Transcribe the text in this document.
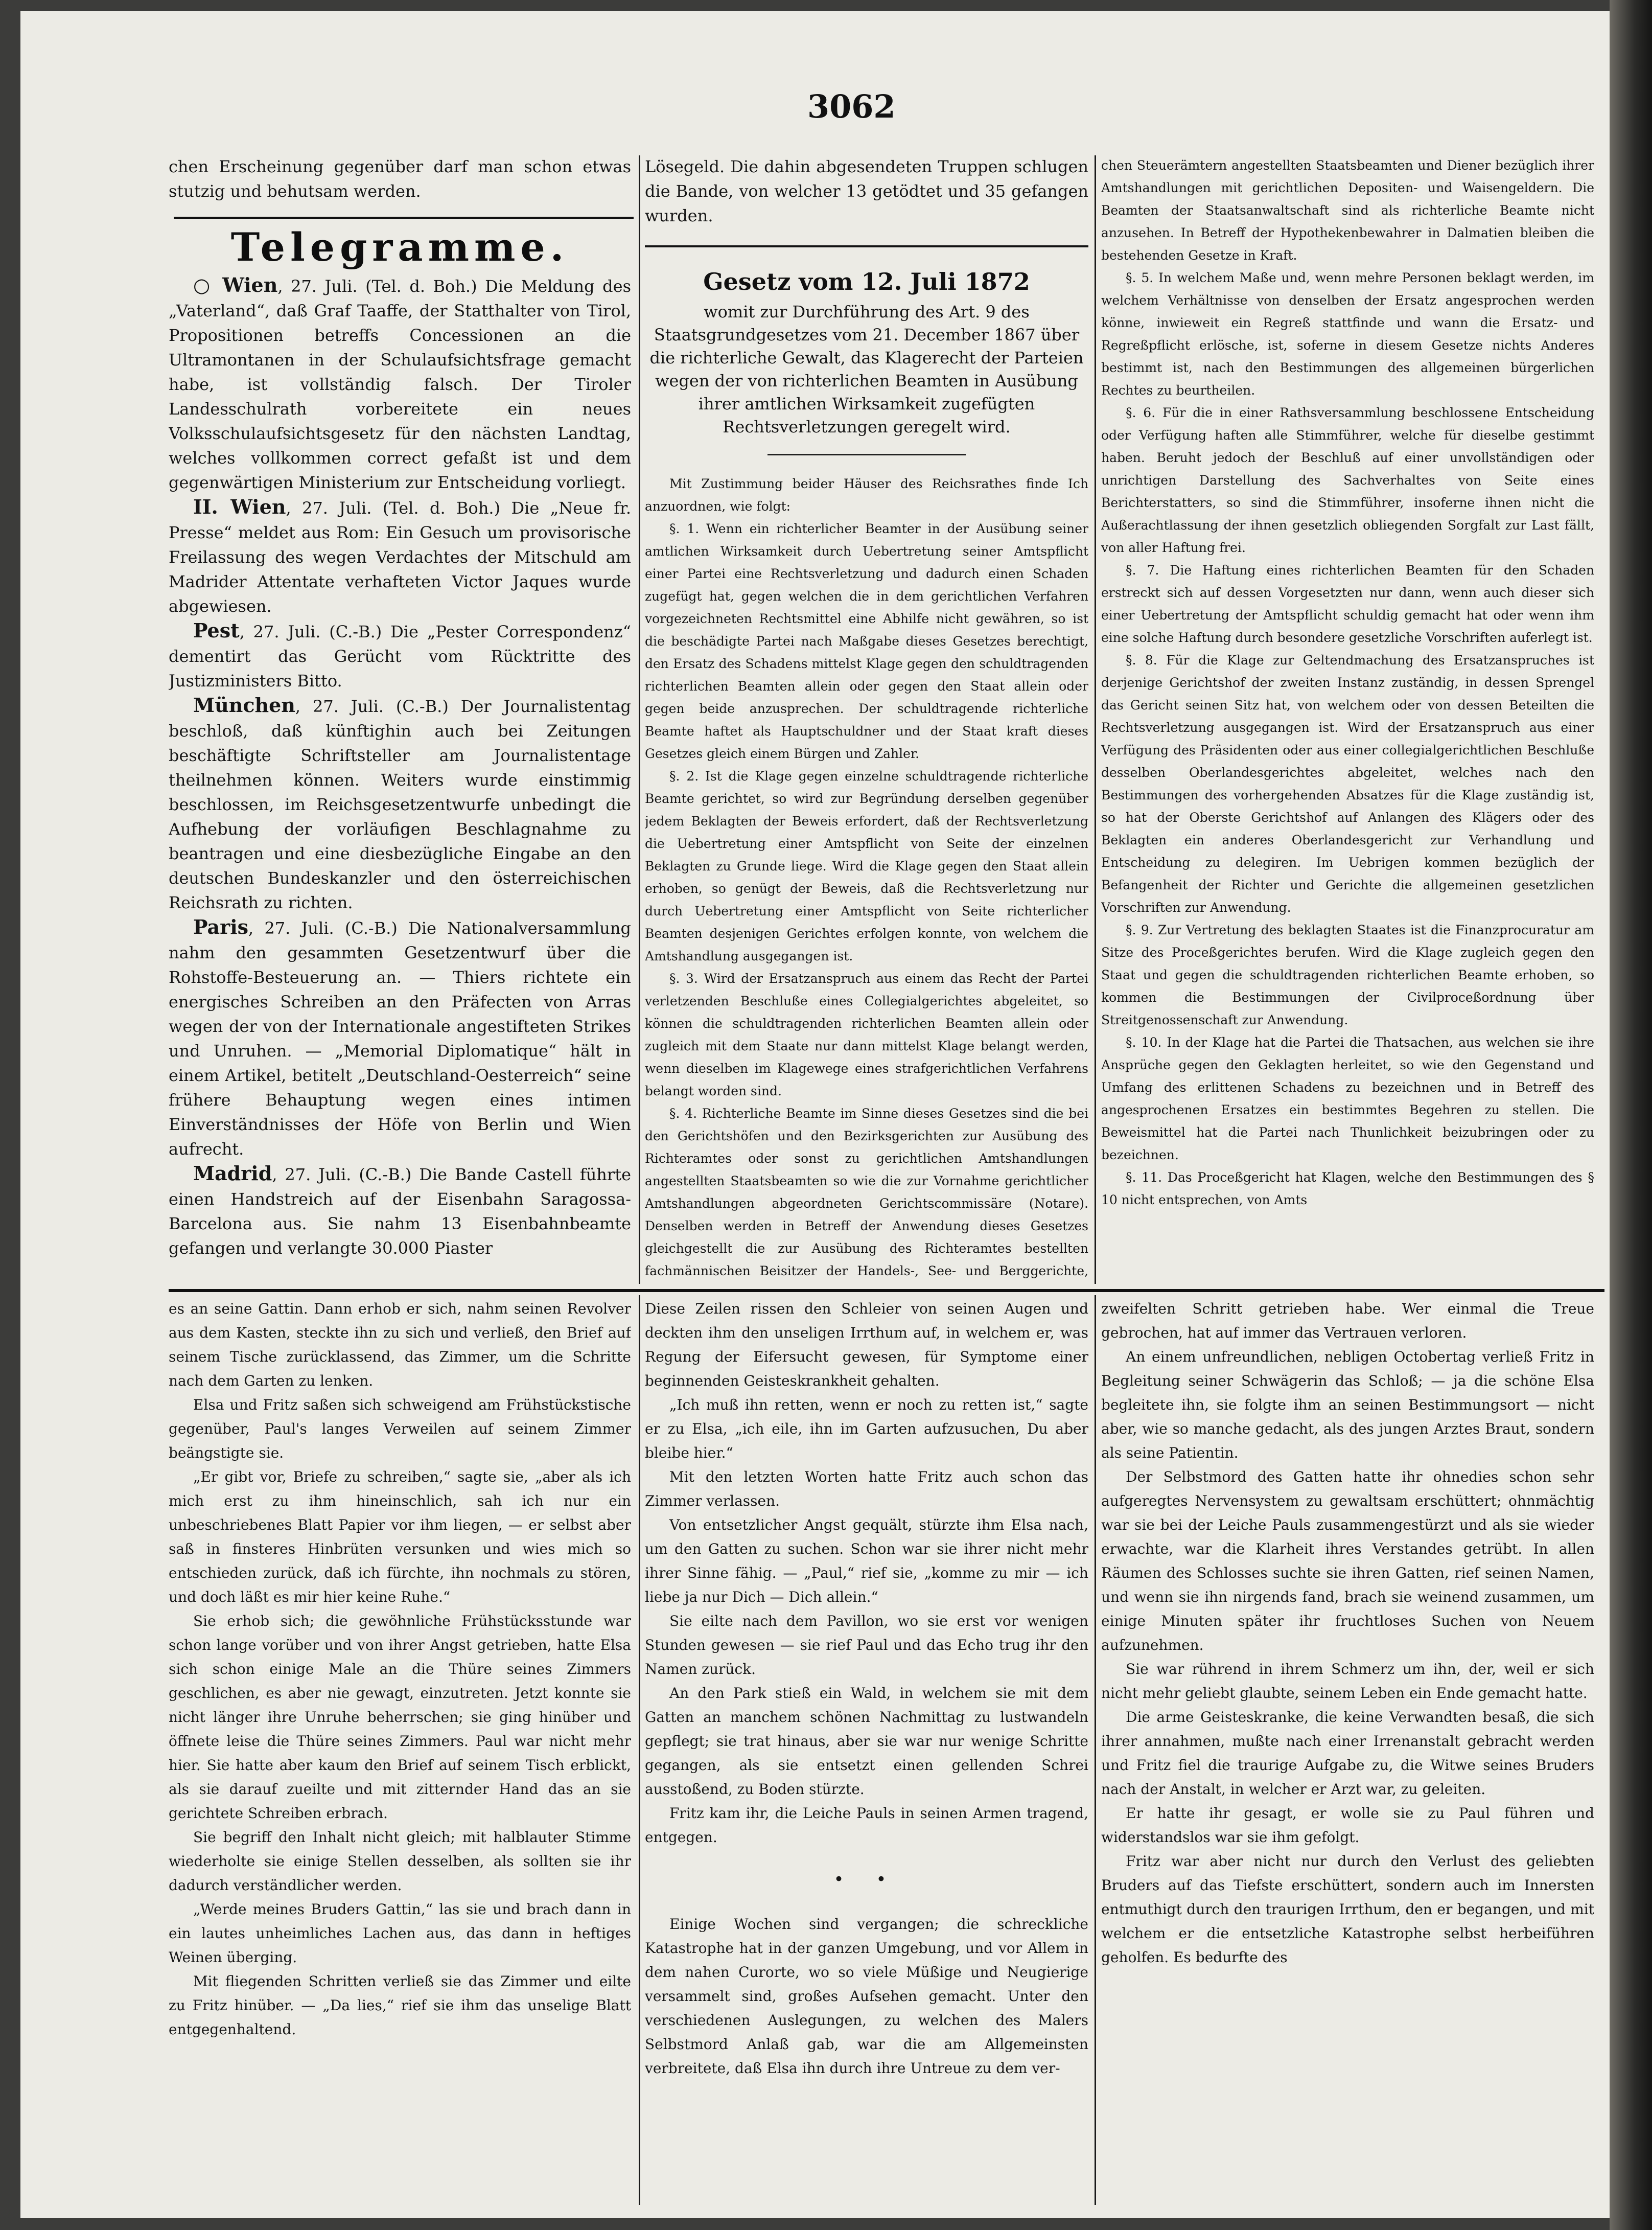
3062

chen Erscheinung gegenüber darf man schon etwas stutzig und behutsam werden.

Telegramme.

○ Wien, 27. Juli. (Tel. d. Boh.) Die Meldung des „Vaterland“, daß Graf Taaffe, der Statthalter von Tirol, Propositionen betreffs Concessionen an die Ultramontanen in der Schulaufsichtsfrage gemacht habe, ist vollständig falsch. Der Tiroler Landesschulrath vorbereitete ein neues Volksschulaufsichtsgesetz für den nächsten Landtag, welches vollkommen correct gefaßt ist und dem gegenwärtigen Ministerium zur Entscheidung vorliegt.

II. Wien, 27. Juli. (Tel. d. Boh.) Die „Neue fr. Presse“ meldet aus Rom: Ein Gesuch um provisorische Freilassung des wegen Verdachtes der Mitschuld am Madrider Attentate verhafteten Victor Jaques wurde abgewiesen.

Pest, 27. Juli. (C.-B.) Die „Pester Correspondenz“ dementirt das Gerücht vom Rücktritte des Justizministers Bitto.

München, 27. Juli. (C.-B.) Der Journalistentag beschloß, daß künftighin auch bei Zeitungen beschäftigte Schriftsteller am Journalistentage theilnehmen können. Weiters wurde einstimmig beschlossen, im Reichsgesetzentwurfe unbedingt die Aufhebung der vorläufigen Beschlagnahme zu beantragen und eine diesbezügliche Eingabe an den deutschen Bundeskanzler und den österreichischen Reichsrath zu richten.

Paris, 27. Juli. (C.-B.) Die Nationalversammlung nahm den gesammten Gesetzentwurf über die Rohstoffe-Besteuerung an. — Thiers richtete ein energisches Schreiben an den Präfecten von Arras wegen der von der Internationale angestifteten Strikes und Unruhen. — „Memorial Diplomatique“ hält in einem Artikel, betitelt „Deutschland-Oesterreich“ seine frühere Behauptung wegen eines intimen Einverständnisses der Höfe von Berlin und Wien aufrecht.

Madrid, 27. Juli. (C.-B.) Die Bande Castell führte einen Handstreich auf der Eisenbahn Saragossa-Barcelona aus. Sie nahm 13 Eisenbahnbeamte gefangen und verlangte 30.000 Piaster

Lösegeld. Die dahin abgesendeten Truppen schlugen die Bande, von welcher 13 getödtet und 35 gefangen wurden.

Gesetz vom 12. Juli 1872

womit zur Durchführung des Art. 9 des Staatsgrundgesetzes vom 21. December 1867 über die richterliche Gewalt, das Klagerecht der Parteien wegen der von richterlichen Beamten in Ausübung ihrer amtlichen Wirksamkeit zugefügten Rechtsverletzungen geregelt wird.

Mit Zustimmung beider Häuser des Reichsrathes finde Ich anzuordnen, wie folgt:

§. 1. Wenn ein richterlicher Beamter in der Ausübung seiner amtlichen Wirksamkeit durch Uebertretung seiner Amtspflicht einer Partei eine Rechtsverletzung und dadurch einen Schaden zugefügt hat, gegen welchen die in dem gerichtlichen Verfahren vorgezeichneten Rechtsmittel eine Abhilfe nicht gewähren, so ist die beschädigte Partei nach Maßgabe dieses Gesetzes berechtigt, den Ersatz des Schadens mittelst Klage gegen den schuldtragenden richterlichen Beamten allein oder gegen den Staat allein oder gegen beide anzusprechen. Der schuldtragende richterliche Beamte haftet als Hauptschuldner und der Staat kraft dieses Gesetzes gleich einem Bürgen und Zahler.

§. 2. Ist die Klage gegen einzelne schuldtragende richterliche Beamte gerichtet, so wird zur Begründung derselben gegenüber jedem Beklagten der Beweis erfordert, daß der Rechtsverletzung die Uebertretung einer Amtspflicht von Seite der einzelnen Beklagten zu Grunde liege. Wird die Klage gegen den Staat allein erhoben, so genügt der Beweis, daß die Rechtsverletzung nur durch Uebertretung einer Amtspflicht von Seite richterlicher Beamten desjenigen Gerichtes erfolgen konnte, von welchem die Amtshandlung ausgegangen ist.

§. 3. Wird der Ersatzanspruch aus einem das Recht der Partei verletzenden Beschluße eines Collegialgerichtes abgeleitet, so können die schuldtragenden richterlichen Beamten allein oder zugleich mit dem Staate nur dann mittelst Klage belangt werden, wenn dieselben im Klagewege eines strafgerichtlichen Verfahrens belangt worden sind.

§. 4. Richterliche Beamte im Sinne dieses Gesetzes sind die bei den Gerichtshöfen und den Bezirksgerichten zur Ausübung des Richteramtes oder sonst zu gerichtlichen Amtshandlungen angestellten Staatsbeamten so wie die zur Vornahme gerichtlicher Amtshandlungen abgeordneten Gerichtscommissäre (Notare). Denselben werden in Betreff der Anwendung dieses Gesetzes gleichgestellt die zur Ausübung des Richteramtes bestellten fachmännischen Beisitzer der Handels-, See- und Berggerichte,

chen Steuerämtern angestellten Staatsbeamten und Diener bezüglich ihrer Amtshandlungen mit gerichtlichen Depositen- und Waisengeldern. Die Beamten der Staatsanwaltschaft sind als richterliche Beamte nicht anzusehen. In Betreff der Hypothekenbewahrer in Dalmatien bleiben die bestehenden Gesetze in Kraft.

§. 5. In welchem Maße und, wenn mehre Personen beklagt werden, im welchem Verhältnisse von denselben der Ersatz angesprochen werden könne, inwieweit ein Regreß stattfinde und wann die Ersatz- und Regreßpflicht erlösche, ist, soferne in diesem Gesetze nichts Anderes bestimmt ist, nach den Bestimmungen des allgemeinen bürgerlichen Rechtes zu beurtheilen.

§. 6. Für die in einer Rathsversammlung beschlossene Entscheidung oder Verfügung haften alle Stimmführer, welche für dieselbe gestimmt haben. Beruht jedoch der Beschluß auf einer unvollständigen oder unrichtigen Darstellung des Sachverhaltes von Seite eines Berichterstatters, so sind die Stimmführer, insoferne ihnen nicht die Außerachtlassung der ihnen gesetzlich obliegenden Sorgfalt zur Last fällt, von aller Haftung frei.

§. 7. Die Haftung eines richterlichen Beamten für den Schaden erstreckt sich auf dessen Vorgesetzten nur dann, wenn auch dieser sich einer Uebertretung der Amtspflicht schuldig gemacht hat oder wenn ihm eine solche Haftung durch besondere gesetzliche Vorschriften auferlegt ist.

§. 8. Für die Klage zur Geltendmachung des Ersatzanspruches ist derjenige Gerichtshof der zweiten Instanz zuständig, in dessen Sprengel das Gericht seinen Sitz hat, von welchem oder von dessen Beteilten die Rechtsverletzung ausgegangen ist. Wird der Ersatzanspruch aus einer Verfügung des Präsidenten oder aus einer collegialgerichtlichen Beschluße desselben Oberlandesgerichtes abgeleitet, welches nach den Bestimmungen des vorhergehenden Absatzes für die Klage zuständig ist, so hat der Oberste Gerichtshof auf Anlangen des Klägers oder des Beklagten ein anderes Oberlandesgericht zur Verhandlung und Entscheidung zu delegiren. Im Uebrigen kommen bezüglich der Befangenheit der Richter und Gerichte die allgemeinen gesetzlichen Vorschriften zur Anwendung.

§. 9. Zur Vertretung des beklagten Staates ist die Finanzprocuratur am Sitze des Proceßgerichtes berufen. Wird die Klage zugleich gegen den Staat und gegen die schuldtragenden richterlichen Beamte erhoben, so kommen die Bestimmungen der Civilproceßordnung über Streitgenossenschaft zur Anwendung.

§. 10. In der Klage hat die Partei die Thatsachen, aus welchen sie ihre Ansprüche gegen den Geklagten herleitet, so wie den Gegenstand und Umfang des erlittenen Schadens zu bezeichnen und in Betreff des angesprochenen Ersatzes ein bestimmtes Begehren zu stellen. Die Beweismittel hat die Partei nach Thunlichkeit beizubringen oder zu bezeichnen.

§. 11. Das Proceßgericht hat Klagen, welche den Bestimmungen des § 10 nicht entsprechen, von Amts

es an seine Gattin. Dann erhob er sich, nahm seinen Revolver aus dem Kasten, steckte ihn zu sich und verließ, den Brief auf seinem Tische zurücklassend, das Zimmer, um die Schritte nach dem Garten zu lenken.

Elsa und Fritz saßen sich schweigend am Frühstückstische gegenüber, Paul's langes Verweilen auf seinem Zimmer beängstigte sie.

„Er gibt vor, Briefe zu schreiben,“ sagte sie, „aber als ich mich erst zu ihm hineinschlich, sah ich nur ein unbeschriebenes Blatt Papier vor ihm liegen, — er selbst aber saß in finsteres Hinbrüten versunken und wies mich so entschieden zurück, daß ich fürchte, ihn nochmals zu stören, und doch läßt es mir hier keine Ruhe.“

Sie erhob sich; die gewöhnliche Frühstücksstunde war schon lange vorüber und von ihrer Angst getrieben, hatte Elsa sich schon einige Male an die Thüre seines Zimmers geschlichen, es aber nie gewagt, einzutreten. Jetzt konnte sie nicht länger ihre Unruhe beherrschen; sie ging hinüber und öffnete leise die Thüre seines Zimmers. Paul war nicht mehr hier. Sie hatte aber kaum den Brief auf seinem Tisch erblickt, als sie darauf zueilte und mit zitternder Hand das an sie gerichtete Schreiben erbrach.

Sie begriff den Inhalt nicht gleich; mit halblauter Stimme wiederholte sie einige Stellen desselben, als sollten sie ihr dadurch verständlicher werden.

„Werde meines Bruders Gattin,“ las sie und brach dann in ein lautes unheimliches Lachen aus, das dann in heftiges Weinen überging.

Mit fliegenden Schritten verließ sie das Zimmer und eilte zu Fritz hinüber. — „Da lies,“ rief sie ihm das unselige Blatt entgegenhaltend.

Diese Zeilen rissen den Schleier von seinen Augen und deckten ihm den unseligen Irrthum auf, in welchem er, was Regung der Eifersucht gewesen, für Symptome einer beginnenden Geisteskrankheit gehalten.

„Ich muß ihn retten, wenn er noch zu retten ist,“ sagte er zu Elsa, „ich eile, ihn im Garten aufzusuchen, Du aber bleibe hier.“

Mit den letzten Worten hatte Fritz auch schon das Zimmer verlassen.

Von entsetzlicher Angst gequält, stürzte ihm Elsa nach, um den Gatten zu suchen. Schon war sie ihrer nicht mehr ihrer Sinne fähig. — „Paul,“ rief sie, „komme zu mir — ich liebe ja nur Dich — Dich allein.“

Sie eilte nach dem Pavillon, wo sie erst vor wenigen Stunden gewesen — sie rief Paul und das Echo trug ihr den Namen zurück.

An den Park stieß ein Wald, in welchem sie mit dem Gatten an manchem schönen Nachmittag zu lustwandeln gepflegt; sie trat hinaus, aber sie war nur wenige Schritte gegangen, als sie entsetzt einen gellenden Schrei ausstoßend, zu Boden stürzte.

Fritz kam ihr, die Leiche Pauls in seinen Armen tragend, entgegen.

• •

Einige Wochen sind vergangen; die schreckliche Katastrophe hat in der ganzen Umgebung, und vor Allem in dem nahen Curorte, wo so viele Müßige und Neugierige versammelt sind, großes Aufsehen gemacht. Unter den verschiedenen Auslegungen, zu welchen des Malers Selbstmord Anlaß gab, war die am Allgemeinsten verbreitete, daß Elsa ihn durch ihre Untreue zu dem ver-

zweifelten Schritt getrieben habe. Wer einmal die Treue gebrochen, hat auf immer das Vertrauen verloren.

An einem unfreundlichen, nebligen Octobertag verließ Fritz in Begleitung seiner Schwägerin das Schloß; — ja die schöne Elsa begleitete ihn, sie folgte ihm an seinen Bestimmungsort — nicht aber, wie so manche gedacht, als des jungen Arztes Braut, sondern als seine Patientin.

Der Selbstmord des Gatten hatte ihr ohnedies schon sehr aufgeregtes Nervensystem zu gewaltsam erschüttert; ohnmächtig war sie bei der Leiche Pauls zusammengestürzt und als sie wieder erwachte, war die Klarheit ihres Verstandes getrübt. In allen Räumen des Schlosses suchte sie ihren Gatten, rief seinen Namen, und wenn sie ihn nirgends fand, brach sie weinend zusammen, um einige Minuten später ihr fruchtloses Suchen von Neuem aufzunehmen.

Sie war rührend in ihrem Schmerz um ihn, der, weil er sich nicht mehr geliebt glaubte, seinem Leben ein Ende gemacht hatte.

Die arme Geisteskranke, die keine Verwandten besaß, die sich ihrer annahmen, mußte nach einer Irrenanstalt gebracht werden und Fritz fiel die traurige Aufgabe zu, die Witwe seines Bruders nach der Anstalt, in welcher er Arzt war, zu geleiten.

Er hatte ihr gesagt, er wolle sie zu Paul führen und widerstandslos war sie ihm gefolgt.

Fritz war aber nicht nur durch den Verlust des geliebten Bruders auf das Tiefste erschüttert, sondern auch im Innersten entmuthigt durch den traurigen Irrthum, den er begangen, und mit welchem er die entsetzliche Katastrophe selbst herbeiführen geholfen. Es bedurfte des
